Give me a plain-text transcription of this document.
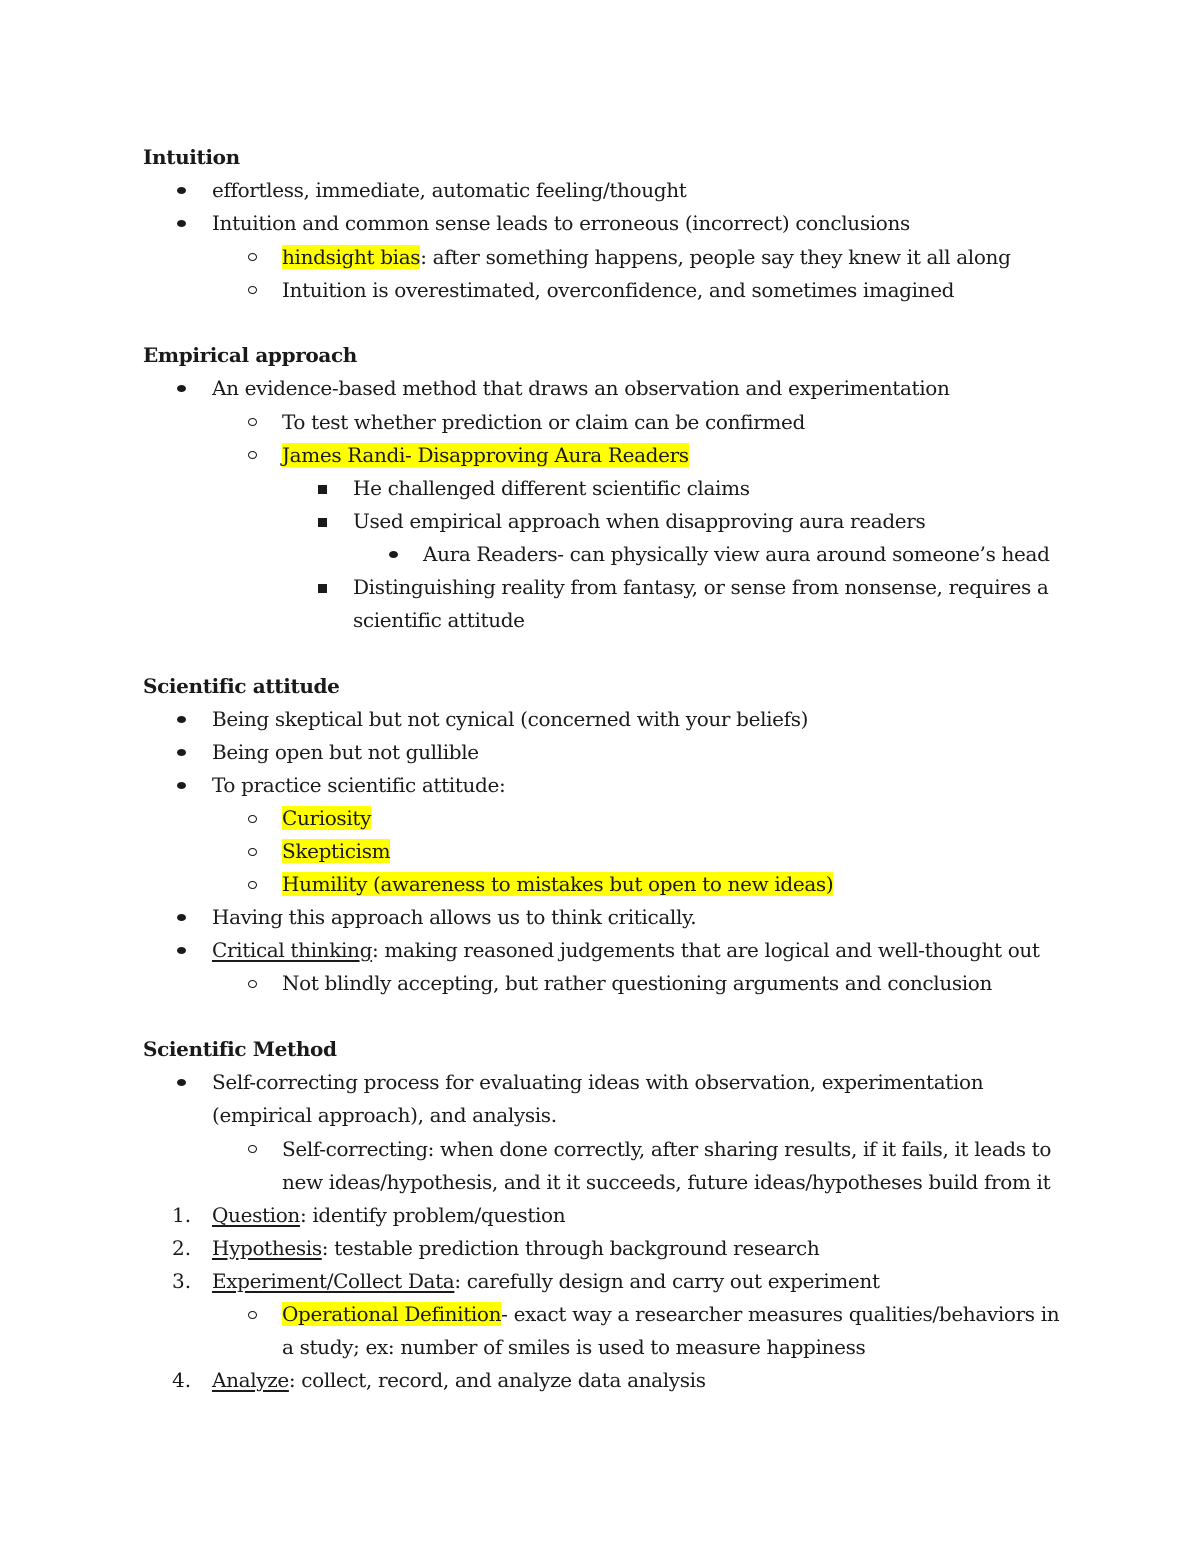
Intuition
effortless, immediate, automatic feeling/thought
Intuition and common sense leads to erroneous (incorrect) conclusions
hindsight bias: after something happens, people say they knew it all along
Intuition is overestimated, overconfidence, and sometimes imagined
Empirical approach
An evidence-based method that draws an observation and experimentation
To test whether prediction or claim can be confirmed
James Randi- Disapproving Aura Readers
He challenged different scientific claims
Used empirical approach when disapproving aura readers
Aura Readers- can physically view aura around someone’s head
Distinguishing reality from fantasy, or sense from nonsense, requires a
scientific attitude
Scientific attitude
Being skeptical but not cynical (concerned with your beliefs)
Being open but not gullible
To practice scientific attitude:
Curiosity
Skepticism
Humility (awareness to mistakes but open to new ideas)
Having this approach allows us to think critically.
Critical thinking: making reasoned judgements that are logical and well-thought out
Not blindly accepting, but rather questioning arguments and conclusion
Scientific Method
Self-correcting process for evaluating ideas with observation, experimentation
(empirical approach), and analysis.
Self-correcting: when done correctly, after sharing results, if it fails, it leads to
new ideas/hypothesis, and it it succeeds, future ideas/hypotheses build from it
1. Question: identify problem/question
2. Hypothesis: testable prediction through background research
3. Experiment/Collect Data: carefully design and carry out experiment
Operational Definition- exact way a researcher measures qualities/behaviors in
a study; ex: number of smiles is used to measure happiness
4. Analyze: collect, record, and analyze data analysis
